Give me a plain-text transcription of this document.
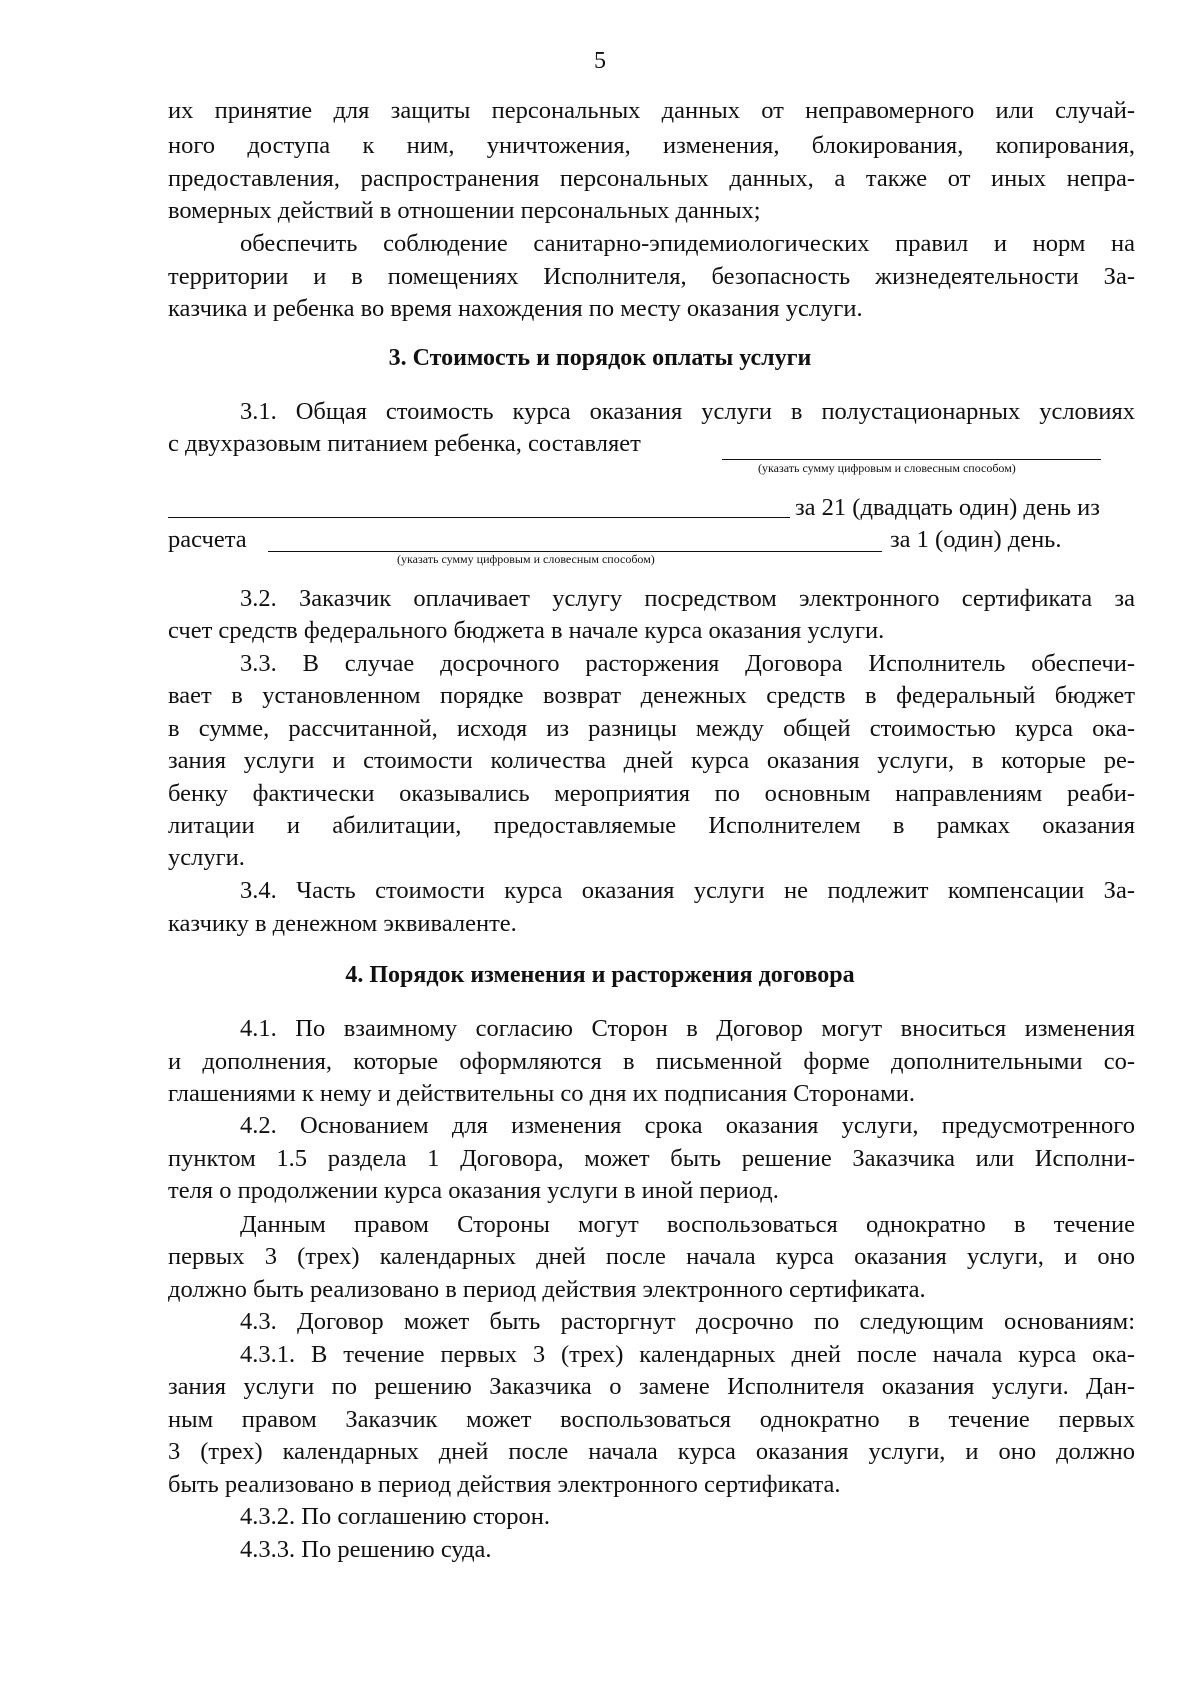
5
их принятие для защиты персональных данных от неправомерного или случай-
ного доступа к ним, уничтожения, изменения, блокирования, копирования,
предоставления, распространения персональных данных, а также от иных непра-
вомерных действий в отношении персональных данных;
обеспечить соблюдение санитарно-эпидемиологических правил и норм на
территории и в помещениях Исполнителя, безопасность жизнедеятельности За-
казчика и ребенка во время нахождения по месту оказания услуги.
3. Стоимость и порядок оплаты услуги
3.1. Общая стоимость курса оказания услуги в полустационарных условиях
с двухразовым питанием ребенка, составляет
(указать сумму цифровым и словесным способом)
за 21 (двадцать один) день из
расчета	за 1 (один) день.
(указать сумму цифровым и словесным способом)
3.2. Заказчик оплачивает услугу посредством электронного сертификата за
счет средств федерального бюджета в начале курса оказания услуги.
3.3. В случае досрочного расторжения Договора Исполнитель обеспечи-
вает в установленном порядке возврат денежных средств в федеральный бюджет
в сумме, рассчитанной, исходя из разницы между общей стоимостью курса ока-
зания услуги и стоимости количества дней курса оказания услуги, в которые ре-
бенку фактически оказывались мероприятия по основным направлениям реаби-
литации и абилитации, предоставляемые Исполнителем в рамках оказания
услуги.
3.4. Часть стоимости курса оказания услуги не подлежит компенсации За-
казчику в денежном эквиваленте.
4. Порядок изменения и расторжения договора
4.1. По взаимному согласию Сторон в Договор могут вноситься изменения
и дополнения, которые оформляются в письменной форме дополнительными со-
глашениями к нему и действительны со дня их подписания Сторонами.
4.2. Основанием для изменения срока оказания услуги, предусмотренного
пунктом 1.5 раздела 1 Договора, может быть решение Заказчика или Исполни-
теля о продолжении курса оказания услуги в иной период.
Данным правом Стороны могут воспользоваться однократно в течение
первых 3 (трех) календарных дней после начала курса оказания услуги, и оно
должно быть реализовано в период действия электронного сертификата.
4.3. Договор может быть расторгнут досрочно по следующим основаниям:
4.3.1. В течение первых 3 (трех) календарных дней после начала курса ока-
зания услуги по решению Заказчика о замене Исполнителя оказания услуги. Дан-
ным правом Заказчик может воспользоваться однократно в течение первых
3 (трех) календарных дней после начала курса оказания услуги, и оно должно
быть реализовано в период действия электронного сертификата.
4.3.2. По соглашению сторон.
4.3.3. По решению суда.
